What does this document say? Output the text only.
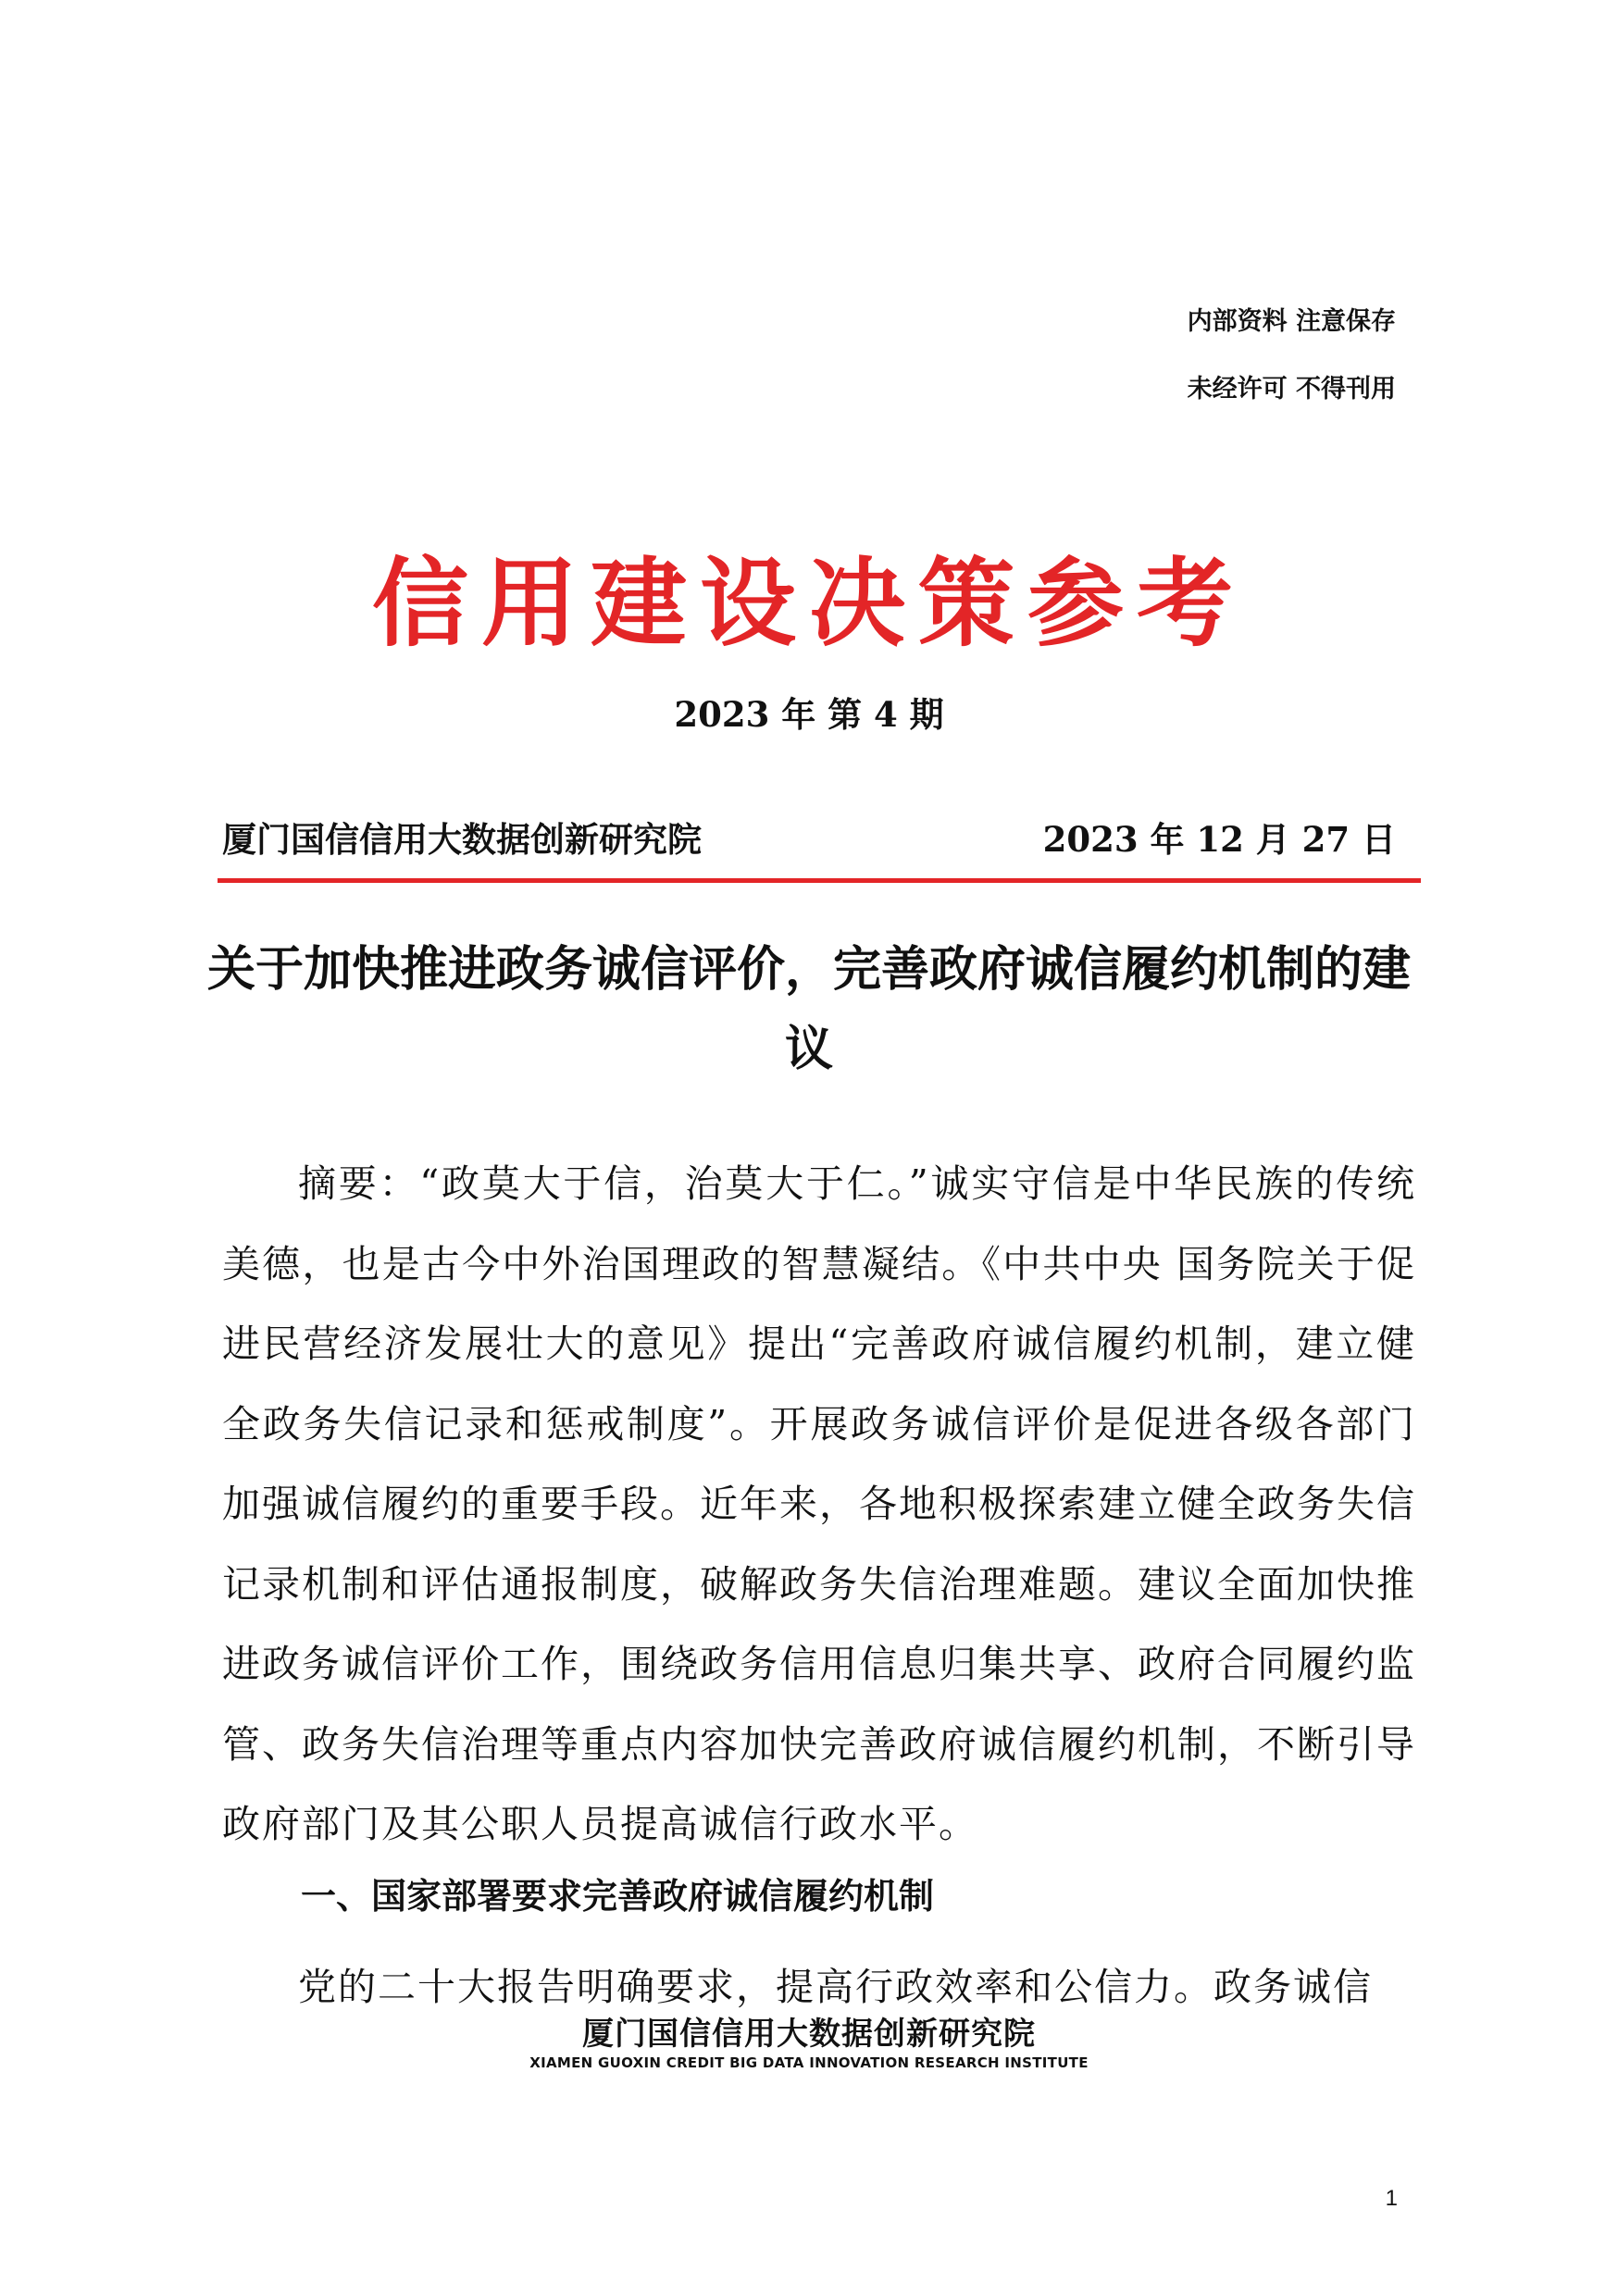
内部资料 注意保存
未经许可 不得刊用
信用建设决策参考
2023 年 第 4 期
厦门国信信用大数据创新研究院	2023 年 12 月 27 日
关于加快推进政务诚信评价，完善政府诚信履约机制的建议

摘要：“政莫大于信，治莫大于仁。”诚实守信是中华民族的传统美德，也是古今中外治国理政的智慧凝结。《中共中央 国务院关于促进民营经济发展壮大的意见》提出“完善政府诚信履约机制，建立健全政务失信记录和惩戒制度”。开展政务诚信评价是促进各级各部门加强诚信履约的重要手段。近年来，各地积极探索建立健全政务失信记录机制和评估通报制度，破解政务失信治理难题。建议全面加快推进政务诚信评价工作，围绕政务信用信息归集共享、政府合同履约监管、政务失信治理等重点内容加快完善政府诚信履约机制，不断引导政府部门及其公职人员提高诚信行政水平。

一、国家部署要求完善政府诚信履约机制

党的二十大报告明确要求，提高行政效率和公信力。政务诚信

厦门国信信用大数据创新研究院
XIAMEN GUOXIN CREDIT BIG DATA INNOVATION RESEARCH INSTITUTE
1
